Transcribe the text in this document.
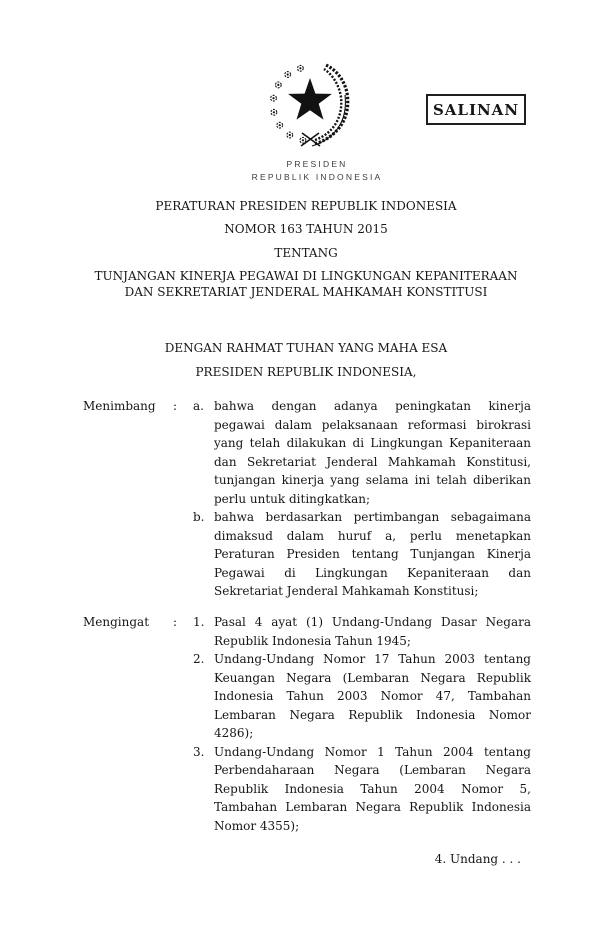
SALINAN
PRESIDEN
REPUBLIK INDONESIA
PERATURAN PRESIDEN REPUBLIK INDONESIA
NOMOR 163 TAHUN 2015
TENTANG
TUNJANGAN KINERJA PEGAWAI DI LINGKUNGAN KEPANITERAAN
DAN SEKRETARIAT JENDERAL MAHKAMAH KONSTITUSI
DENGAN RAHMAT TUHAN YANG MAHA ESA
PRESIDEN REPUBLIK INDONESIA,
Menimbang	:	a. bahwa dengan adanya peningkatan kinerja pegawai dalam pelaksanaan reformasi birokrasi yang telah dilakukan di Lingkungan Kepaniteraan dan Sekretariat Jenderal Mahkamah Konstitusi, tunjangan kinerja yang selama ini telah diberikan perlu untuk ditingkatkan;
b. bahwa berdasarkan pertimbangan sebagaimana dimaksud dalam huruf a, perlu menetapkan Peraturan Presiden tentang Tunjangan Kinerja Pegawai di Lingkungan Kepaniteraan dan Sekretariat Jenderal Mahkamah Konstitusi;
Mengingat	:	1. Pasal 4 ayat (1) Undang-Undang Dasar Negara Republik Indonesia Tahun 1945;
2. Undang-Undang Nomor 17 Tahun 2003 tentang Keuangan Negara (Lembaran Negara Republik Indonesia Tahun 2003 Nomor 47, Tambahan Lembaran Negara Republik Indonesia Nomor 4286);
3. Undang-Undang Nomor 1 Tahun 2004 tentang Perbendaharaan Negara (Lembaran Negara Republik Indonesia Tahun 2004 Nomor 5, Tambahan Lembaran Negara Republik Indonesia Nomor 4355);
4. Undang . . .
